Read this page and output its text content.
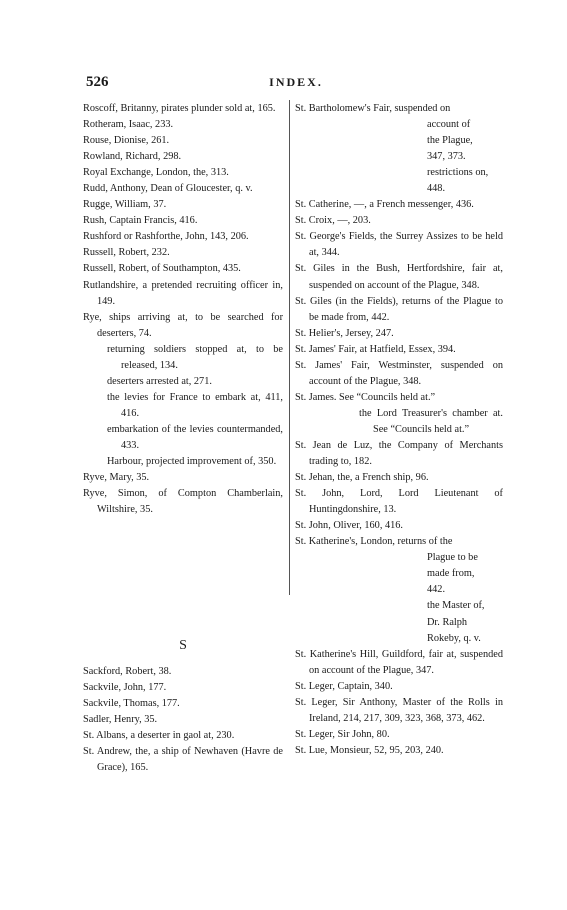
526	INDEX.

Roscoff, Britanny, pirates plunder sold at, 165.

Rotheram, Isaac, 233.

Rouse, Dionise, 261.

Rowland, Richard, 298.

Royal Exchange, London, the, 313.

Rudd, Anthony, Dean of Gloucester, q. v.

Rugge, William, 37.

Rush, Captain Francis, 416.

Rushford or Rashforthe, John, 143, 206.

Russell, Robert, 232.

Russell, Robert, of Southampton, 435.

Rutlandshire, a pretended recruiting officer in, 149.

Rye, ships arriving at, to be searched for deserters, 74.

returning soldiers stopped at, to be released, 134.

deserters arrested at, 271.

the levies for France to embark at, 411, 416.

embarkation of the levies countermanded, 433.

Harbour, projected improvement of, 350.

Ryve, Mary, 35.

Ryve, Simon, of Compton Chamberlain, Wiltshire, 35.

S

Sackford, Robert, 38.

Sackvile, John, 177.

Sackvile, Thomas, 177.

Sadler, Henry, 35.

St. Albans, a deserter in gaol at, 230.

St. Andrew, the, a ship of Newhaven (Havre de Grace), 165.

St. Bartholomew's Fair, suspended on

account of

the Plague,

347, 373.

restrictions on,

448.

St. Catherine, —, a French messenger, 436.

St. Croix, —, 203.

St. George's Fields, the Surrey Assizes to be held at, 344.

St. Giles in the Bush, Hertfordshire, fair at, suspended on account of the Plague, 348.

St. Giles (in the Fields), returns of the Plague to be made from, 442.

St. Helier's, Jersey, 247.

St. James' Fair, at Hatfield, Essex, 394.

St. James' Fair, Westminster, suspended on account of the Plague, 348.

St. James. See “Councils held at.”

the Lord Treasurer's chamber at. See “Councils held at.”

St. Jean de Luz, the Company of Merchants trading to, 182.

St. Jehan, the, a French ship, 96.

St. John, Lord, Lord Lieutenant of Huntingdonshire, 13.

St. John, Oliver, 160, 416.

St. Katherine's, London, returns of the

Plague to be

made from,

442.

the Master of,

Dr. Ralph

Rokeby, q. v.

St. Katherine's Hill, Guildford, fair at, suspended on account of the Plague, 347.

St. Leger, Captain, 340.

St. Leger, Sir Anthony, Master of the Rolls in Ireland, 214, 217, 309, 323, 368, 373, 462.

St. Leger, Sir John, 80.

St. Lue, Monsieur, 52, 95, 203, 240.
